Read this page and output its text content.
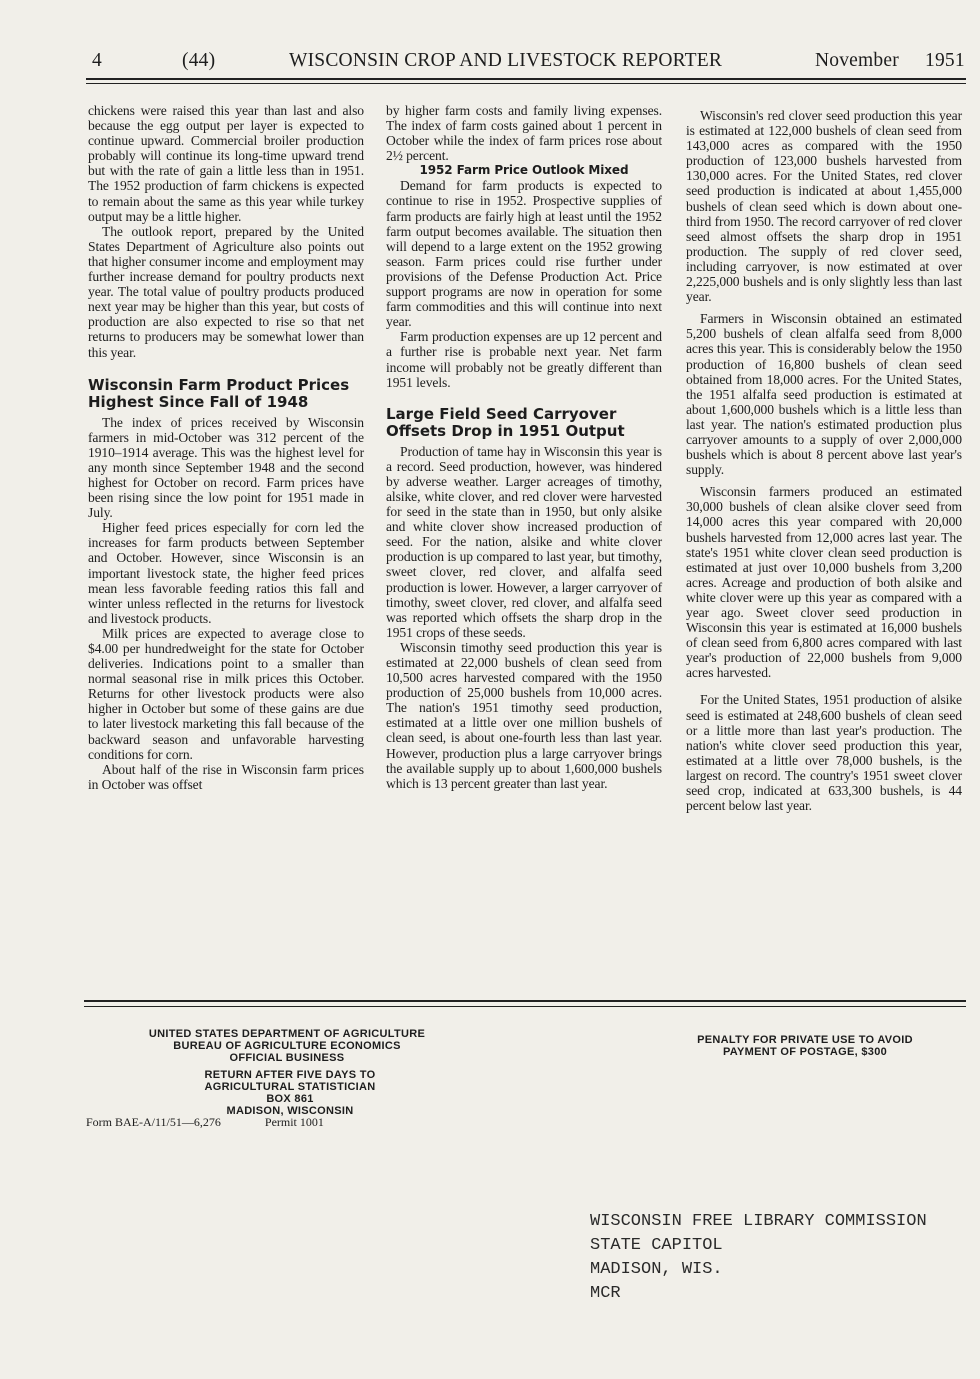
4	(44)	WISCONSIN CROP AND LIVESTOCK REPORTER	November 1951

chickens were raised this year than last and also because the egg output per layer is expected to continue upward. Commercial broiler production probably will continue its long-time upward trend but with the rate of gain a little less than in 1951. The 1952 production of farm chickens is expected to remain about the same as this year while turkey output may be a little higher.

The outlook report, prepared by the United States Department of Agriculture also points out that higher consumer income and employment may further increase demand for poultry products next year. The total value of poultry products produced next year may be higher than this year, but costs of production are also expected to rise so that net returns to producers may be somewhat lower than this year.

Wisconsin Farm Product Prices Highest Since Fall of 1948

The index of prices received by Wisconsin farmers in mid-October was 312 percent of the 1910–1914 average. This was the highest level for any month since September 1948 and the second highest for October on record. Farm prices have been rising since the low point for 1951 made in July.

Higher feed prices especially for corn led the increases for farm products between September and October. However, since Wisconsin is an important livestock state, the higher feed prices mean less favorable feeding ratios this fall and winter unless reflected in the returns for livestock and livestock products.

Milk prices are expected to average close to $4.00 per hundredweight for the state for October deliveries. Indications point to a smaller than normal seasonal rise in milk prices this October. Returns for other livestock products were also higher in October but some of these gains are due to later livestock marketing this fall because of the backward season and unfavorable harvesting conditions for corn.

About half of the rise in Wisconsin farm prices in October was offset

by higher farm costs and family living expenses. The index of farm costs gained about 1 percent in October while the index of farm prices rose about 2½ percent.

1952 Farm Price Outlook Mixed

Demand for farm products is expected to continue to rise in 1952. Prospective supplies of farm products are fairly high at least until the 1952 farm output becomes available. The situation then will depend to a large extent on the 1952 growing season. Farm prices could rise further under provisions of the Defense Production Act. Price support programs are now in operation for some farm commodities and this will continue into next year.

Farm production expenses are up 12 percent and a further rise is probable next year. Net farm income will probably not be greatly different than 1951 levels.

Large Field Seed Carryover Offsets Drop in 1951 Output

Production of tame hay in Wisconsin this year is a record. Seed production, however, was hindered by adverse weather. Larger acreages of timothy, alsike, white clover, and red clover were harvested for seed in the state than in 1950, but only alsike and white clover show increased production of seed. For the nation, alsike and white clover production is up compared to last year, but timothy, sweet clover, red clover, and alfalfa seed production is lower. However, a larger carryover of timothy, sweet clover, red clover, and alfalfa seed was reported which offsets the sharp drop in the 1951 crops of these seeds.

Wisconsin timothy seed production this year is estimated at 22,000 bushels of clean seed from 10,500 acres harvested compared with the 1950 production of 25,000 bushels from 10,000 acres. The nation's 1951 timothy seed production, estimated at a little over one million bushels of clean seed, is about one-fourth less than last year. However, production plus a large carryover brings the available supply up to about 1,600,000 bushels which is 13 percent greater than last year.

Wisconsin's red clover seed production this year is estimated at 122,000 bushels of clean seed from 143,000 acres as compared with the 1950 production of 123,000 bushels harvested from 130,000 acres. For the United States, red clover seed production is indicated at about 1,455,000 bushels of clean seed which is down about one-third from 1950. The record carryover of red clover seed almost offsets the sharp drop in 1951 production. The supply of red clover seed, including carryover, is now estimated at over 2,225,000 bushels and is only slightly less than last year.

Farmers in Wisconsin obtained an estimated 5,200 bushels of clean alfalfa seed from 8,000 acres this year. This is considerably below the 1950 production of 16,800 bushels of clean seed obtained from 18,000 acres. For the United States, the 1951 alfalfa seed production is estimated at about 1,600,000 bushels which is a little less than last year. The nation's estimated production plus carryover amounts to a supply of over 2,000,000 bushels which is about 8 percent above last year's supply.

Wisconsin farmers produced an estimated 30,000 bushels of clean alsike clover seed from 14,000 acres this year compared with 20,000 bushels harvested from 12,000 acres last year. The state's 1951 white clover clean seed production is estimated at just over 10,000 bushels from 3,200 acres. Acreage and production of both alsike and white clover were up this year as compared with a year ago. Sweet clover seed production in Wisconsin this year is estimated at 16,000 bushels of clean seed from 6,800 acres compared with last year's production of 22,000 bushels from 9,000 acres harvested.

For the United States, 1951 production of alsike seed is estimated at 248,600 bushels of clean seed or a little more than last year's production. The nation's white clover seed production this year, estimated at a little over 78,000 bushels, is the largest on record. The country's 1951 sweet clover seed crop, indicated at 633,300 bushels, is 44 percent below last year.

UNITED STATES DEPARTMENT OF AGRICULTURE
BUREAU OF AGRICULTURE ECONOMICS
OFFICIAL BUSINESS
RETURN AFTER FIVE DAYS TO
AGRICULTURAL STATISTICIAN
BOX 861
MADISON, WISCONSIN
Form BAE-A/11/51—6,276	Permit 1001
PENALTY FOR PRIVATE USE TO AVOID
PAYMENT OF POSTAGE, $300
WISCONSIN FREE LIBRARY COMMISSION
STATE CAPITOL
MADISON, WIS.
MCR
